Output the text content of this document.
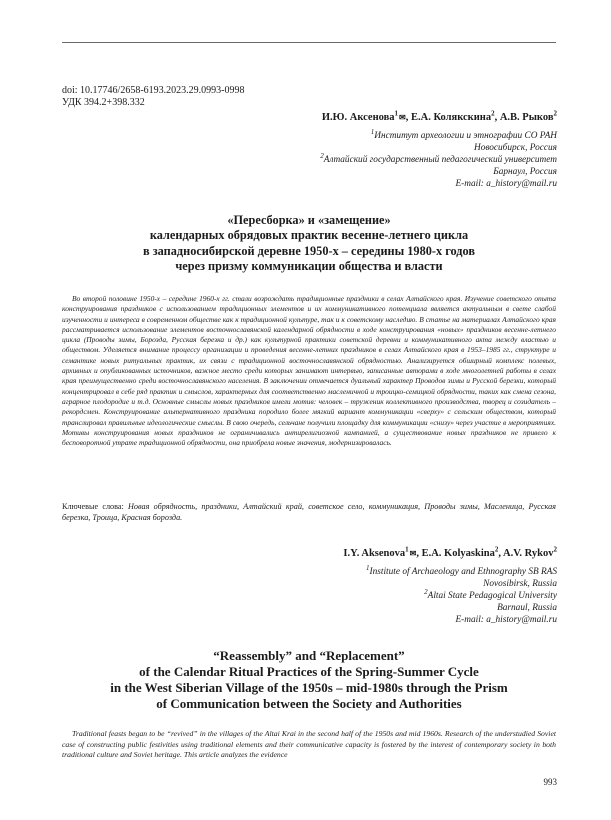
doi: 10.17746/2658-6193.2023.29.0993-0998
УДК 394.2+398.332
И.Ю. Аксенова$^1$✉, Е.А. Колякскина$^2$, А.В. Рыков$^2$
$^1$Институт археологии и этнографии СО РАН
Новосибирск, Россия
$^2$Алтайский государственный педагогический университет
Барнаул, Россия
E-mail: a_history@mail.ru
«Пересборка» и «замещение»
календарных обрядовых практик весенне-летнего цикла
в западносибирской деревне 1950-х – середины 1980-х годов
через призму коммуникации общества и власти
Во второй половине 1950-х – середине 1960-х гг. стали возрождать традиционные праздники в селах Алтайского края. Изучение советского опыта конструирования праздников с использованием традиционных элементов и их коммуникативного потенциала является актуальным в свете слабой изученности и интереса в современном обществе как к традиционной культуре, так и к советскому наследию. В статье на материалах Алтайского края рассматривается использование элементов восточнославянской календарной обрядности в ходе конструирования «новых» праздников весенне-летнего цикла (Проводы зимы, Борозда, Русская березка и др.) как культурной практики советской деревни и коммуникативного акта между властью и обществом. Уделяется внимание процессу организации и проведения весенне-летних праздников в селах Алтайского края в 1953–1985 гг., структуре и семантике новых ритуальных практик, их связи с традиционной восточнославянской обрядностью. Анализируется обширный комплекс полевых, архивных и опубликованных источников, важное место среди которых занимают интервью, записанные авторами в ходе многолетней работы в селах края преимущественно среди восточнославянского населения. В заключении отмечается дуальный характер Проводов зимы и Русской березки, который концентрировал в себе ряд практик и смыслов, характерных для соответственно масленичной и троицко-семицкой обрядности, таких как смена сезона, аграрное плодородие и т.д. Основные смыслы новых праздников имели мотив: человек – труженик коллективного производства, творец и созидатель – рекордсмен. Конструирование альтернативного праздника породило более мягкий вариант коммуникации «сверху» с сельским обществом, который транслировал правильные идеологические смыслы. В свою очередь, сельчане получили площадку для коммуникации «снизу» через участие в мероприятиях. Мотивы конструирования новых праздников не ограничивались антирелигиозной кампанией, а существование новых праздников не привело к бесповоротной утрате традиционной обрядности, она приобрела новые значения, модернизировалась.
Ключевые слова: Новая обрядность, праздники, Алтайский край, советское село, коммуникация, Проводы зимы, Масленица, Русская березка, Троица, Красная борозда.
I.Y. Aksenova$^1$✉, E.A. Kolyaskina$^2$, A.V. Rykov$^2$
$^1$Institute of Archaeology and Ethnography SB RAS
Novosibirsk, Russia
$^2$Altai State Pedagogical University
Barnaul, Russia
E-mail: a_history@mail.ru
“Reassembly” and “Replacement”
of the Calendar Ritual Practices of the Spring-Summer Cycle
in the West Siberian Village of the 1950s – mid-1980s through the Prism
of Communication between the Society and Authorities
Traditional feasts began to be “revived” in the villages of the Altai Krai in the second half of the 1950s and mid 1960s. Research of the understudied Soviet case of constructing public festivities using traditional elements and their communicative capacity is fostered by the interest of contemporary society in both traditional culture and Soviet heritage. This article analyzes the evidence
993
